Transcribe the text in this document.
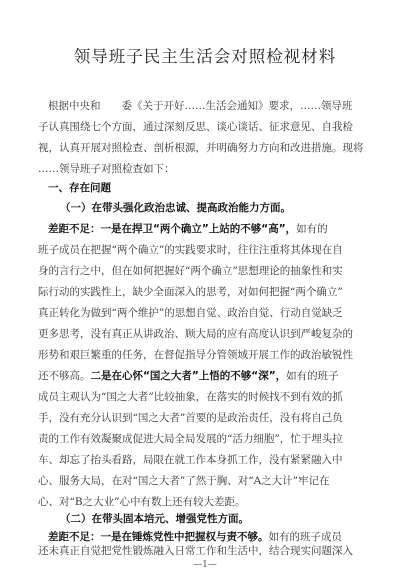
领导班子民主生活会对照检视材料
根据中央和　　委《关于开好……生活会通知》要求，……领导班
子认真围绕七个方面，通过深刻反思、谈心谈话、征求意见、自我检
视，认真开展对照检查、剖析根源，并明确努力方向和改进措施。现将
……领导班子对照检查如下：
一、存在问题
（一）在带头强化政治忠诚、提高政治能力方面。
差距不足：一是在捍卫“两个确立”上站的不够“高”，如有的
班子成员在把握“两个确立”的实践要求时，往往注重将其体现在自
身的言行之中，但在如何把握好“两个确立”思想理论的抽象性和实
际行动的实践性上，缺少全面深入的思考，对如何把握“两个确立”
真正转化为做到“两个维护”的思想自觉、政治自觉、行动自觉缺乏
更多思考，没有真正从讲政治、顾大局的应有高度认识到严峻复杂的
形势和艰巨繁重的任务，在督促指导分管领域开展工作的政治敏锐性
还不够高。二是在心怀“国之大者”上悟的不够“深”，如有的班子
成员主观认为“国之大者”比较抽象，在落实的时候找不到有效的抓
手，没有充分认识到“国之大者”首要的是政治责任，没有将自己负
责的工作有效凝聚成促进大局全局发展的“活力细胞”，忙于埋头拉
车、却忘了抬头看路，局限在就工作本身抓工作，没有紧紧融入中
心、服务大局，在对“国之大者”了然于胸、对“A之大计”牢记在
心、对“B之大业”心中有数上还有较大差距。
（二）在带头固本培元、增强党性方面。
差距不足：一是在锤炼党性中把握权与责不够。如有的班子成员
还未真正自觉把党性锻炼融入日常工作和生活中，结合现实问题深入
—1—
